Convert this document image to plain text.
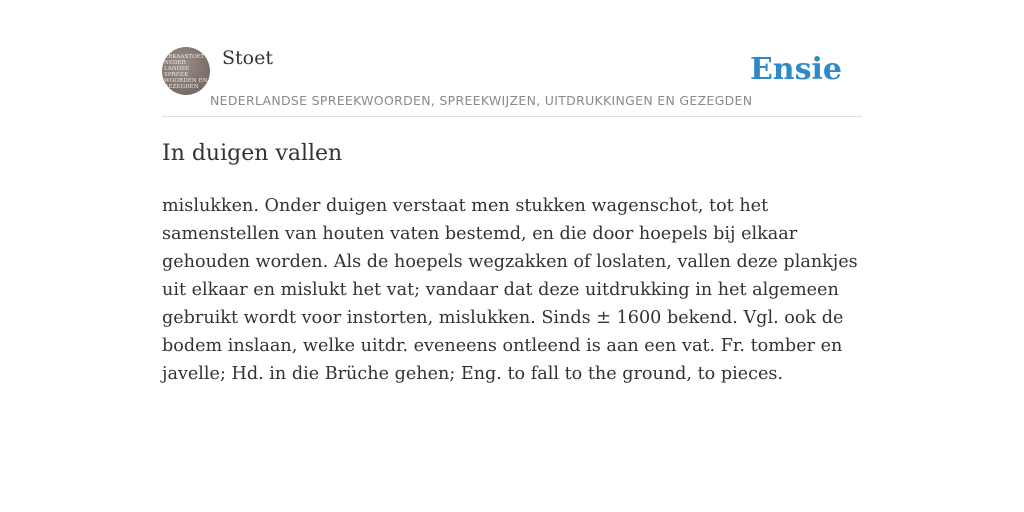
ERKAASTOET
NEDER
LANDSE
SPREEK
WOORDEN EN
GEZEGDEN
Stoet
NEDERLANDSE SPREEKWOORDEN, SPREEKWIJZEN, UITDRUKKINGEN EN GEZEGDEN
Ensie
In duigen vallen

mislukken. Onder duigen verstaat men stukken wagenschot, tot het samenstellen van houten vaten bestemd, en die door hoepels bij elkaar gehouden worden. Als de hoepels wegzakken of loslaten, vallen deze plankjes uit elkaar en mislukt het vat; vandaar dat deze uitdrukking in het algemeen gebruikt wordt voor instorten, mislukken. Sinds ± 1600 bekend. Vgl. ook de bodem inslaan, welke uitdr. eveneens ontleend is aan een vat. Fr. tomber en javelle; Hd. in die Brüche gehen; Eng. to fall to the ground, to pieces.
